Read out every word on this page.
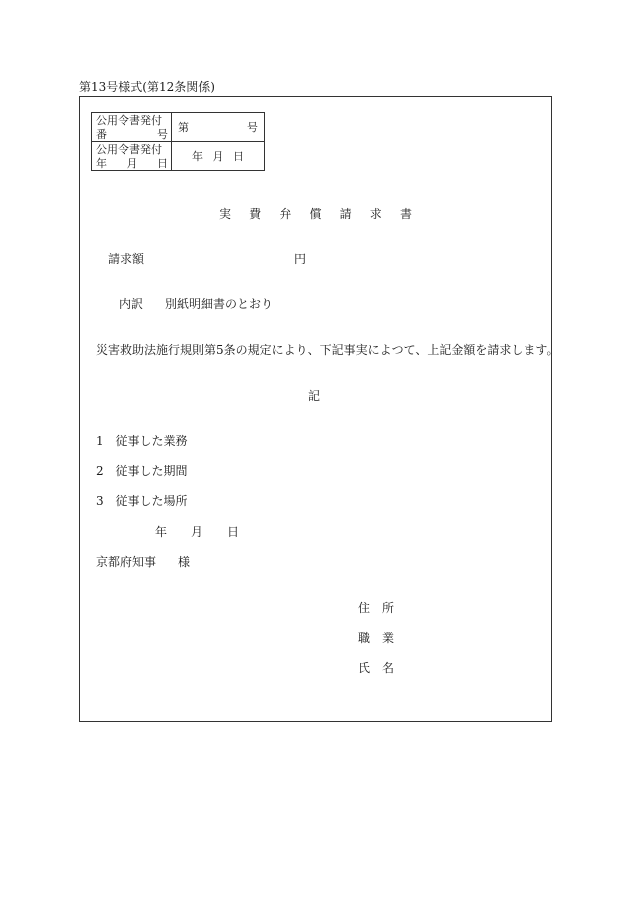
第13号様式(第12条関係)
公用令書発付
番 号	第 号

公用令書発付
年 月 日	年 月 日
実 費 弁 償 請 求 書
請求額	円
内訳 別紙明細書のとおり
災害救助法施行規則第5条の規定により、下記事実によつて、上記金額を請求します。
記
1 従事した業務
2 従事した期間
3 従事した場所
年 月 日
京都府知事 様
住 所
職 業
氏 名
